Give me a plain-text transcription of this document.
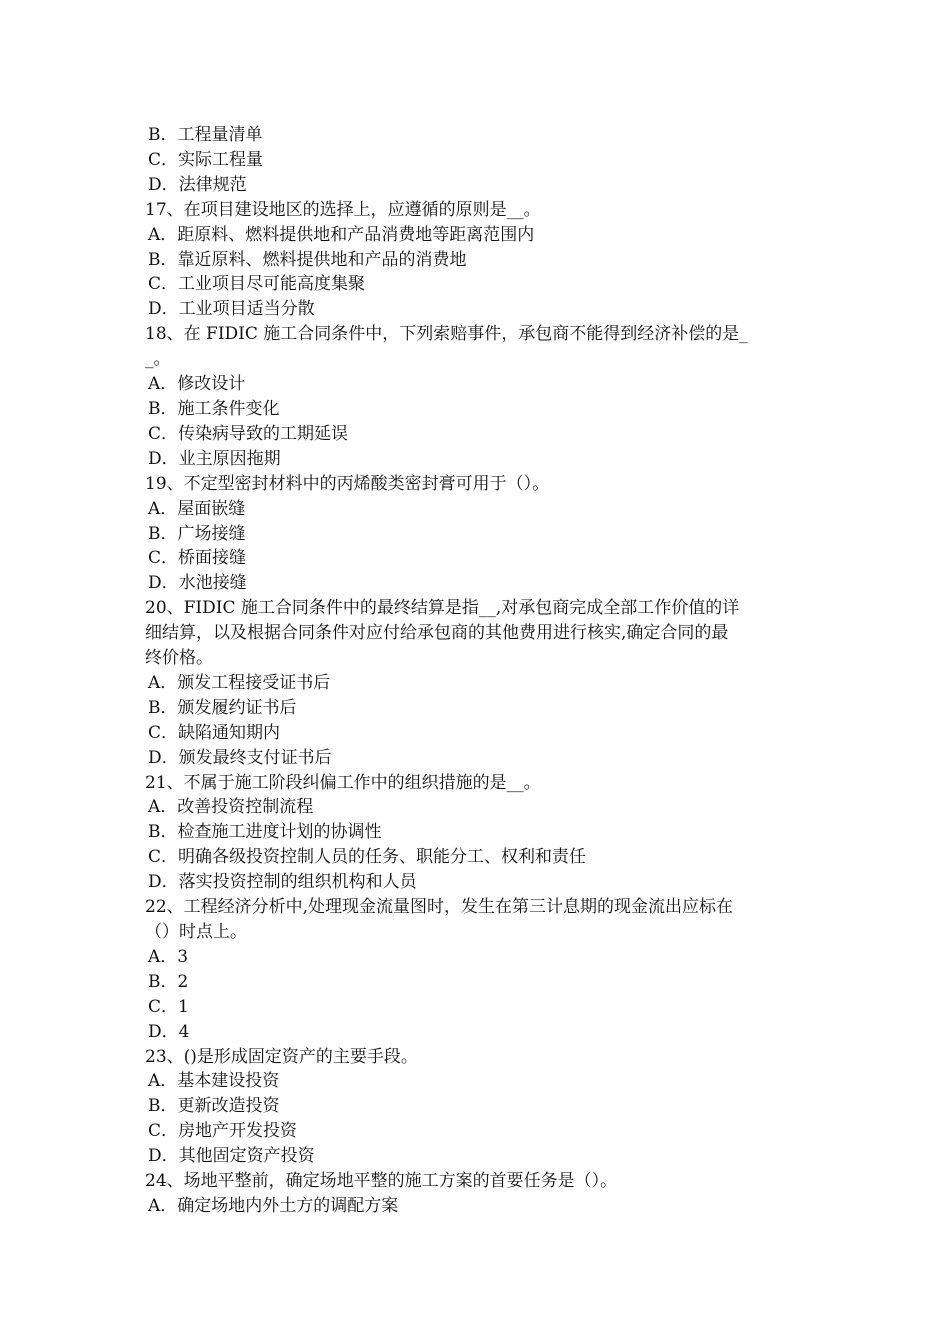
B．工程量清单

C．实际工程量

D．法律规范

17、在项目建设地区的选择上，应遵循的原则是__。

A．距原料、燃料提供地和产品消费地等距离范围内

B．靠近原料、燃料提供地和产品的消费地

C．工业项目尽可能高度集聚

D．工业项目适当分散

18、在 FIDIC 施工合同条件中，下列索赔事件，承包商不能得到经济补偿的是_

_。

A．修改设计

B．施工条件变化

C．传染病导致的工期延误

D．业主原因拖期

19、不定型密封材料中的丙烯酸类密封膏可用于（）。

A．屋面嵌缝

B．广场接缝

C．桥面接缝

D．水池接缝

20、FIDIC 施工合同条件中的最终结算是指__,对承包商完成全部工作价值的详

细结算，以及根据合同条件对应付给承包商的其他费用进行核实,确定合同的最

终价格。

A．颁发工程接受证书后

B．颁发履约证书后

C．缺陷通知期内

D．颁发最终支付证书后

21、不属于施工阶段纠偏工作中的组织措施的是__。

A．改善投资控制流程

B．检查施工进度计划的协调性

C．明确各级投资控制人员的任务、职能分工、权利和责任

D．落实投资控制的组织机构和人员

22、工程经济分析中,处理现金流量图时，发生在第三计息期的现金流出应标在

（）时点上。

A．3

B．2

C．1

D．4

23、()是形成固定资产的主要手段。

A．基本建设投资

B．更新改造投资

C．房地产开发投资

D．其他固定资产投资

24、场地平整前，确定场地平整的施工方案的首要任务是（）。

A．确定场地内外土方的调配方案
